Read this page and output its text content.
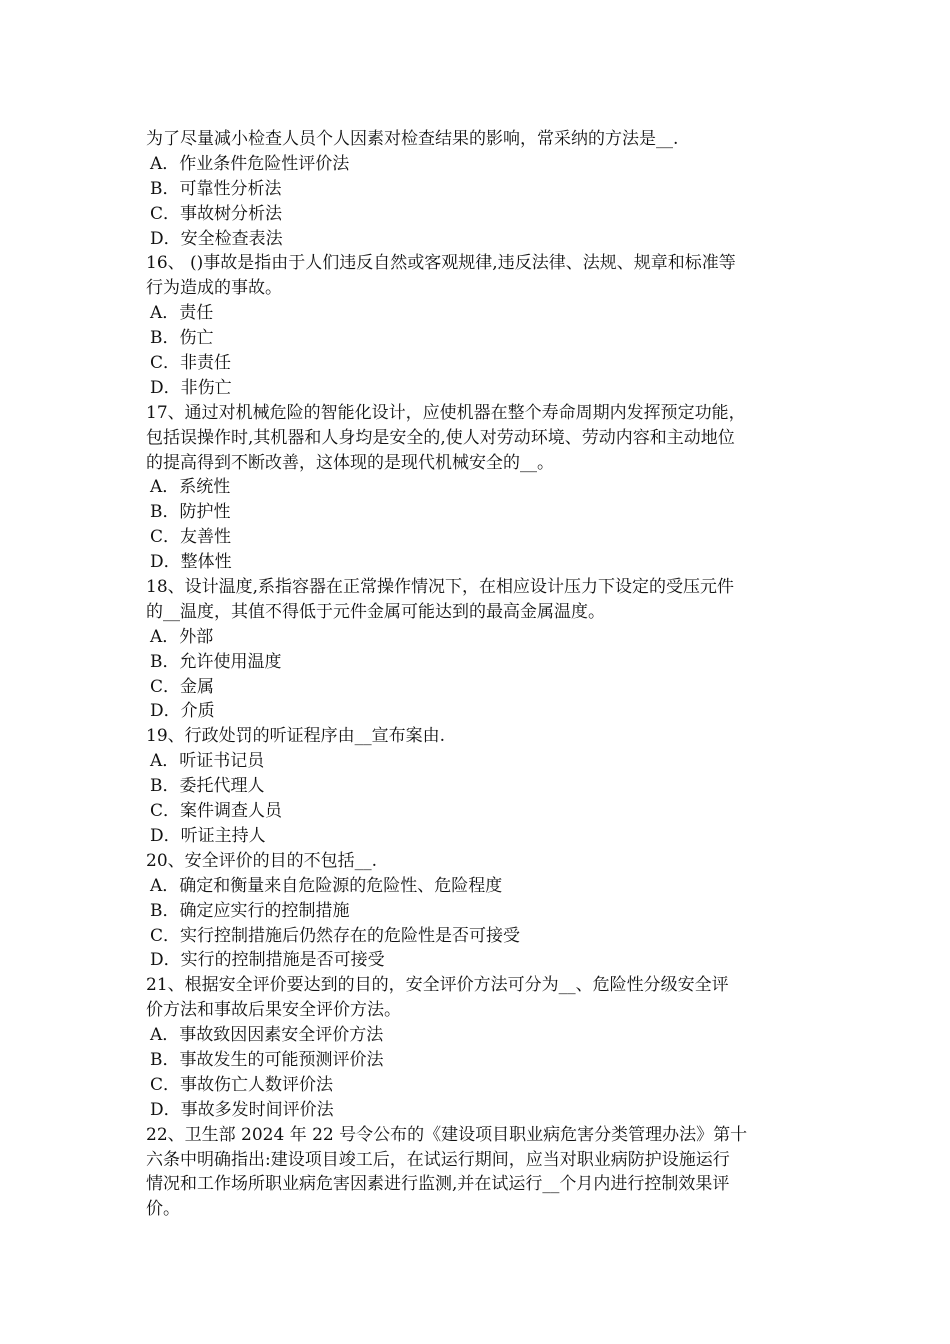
为了尽量减小检查人员个人因素对检查结果的影响，常采纳的方法是__.
A．作业条件危险性评价法
B．可靠性分析法
C．事故树分析法
D．安全检查表法
16、 ()事故是指由于人们违反自然或客观规律,违反法律、法规、规章和标准等
行为造成的事故。
A．责任
B．伤亡
C．非责任
D．非伤亡
17、通过对机械危险的智能化设计，应使机器在整个寿命周期内发挥预定功能，
包括误操作时,其机器和人身均是安全的,使人对劳动环境、劳动内容和主动地位
的提高得到不断改善，这体现的是现代机械安全的__。
A．系统性
B．防护性
C．友善性
D．整体性
18、设计温度,系指容器在正常操作情况下，在相应设计压力下设定的受压元件
的__温度，其值不得低于元件金属可能达到的最高金属温度。
A．外部
B．允许使用温度
C．金属
D．介质
19、行政处罚的听证程序由__宣布案由.
A．听证书记员
B．委托代理人
C．案件调查人员
D．听证主持人
20、安全评价的目的不包括__.
A．确定和衡量来自危险源的危险性、危险程度
B．确定应实行的控制措施
C．实行控制措施后仍然存在的危险性是否可接受
D．实行的控制措施是否可接受
21、根据安全评价要达到的目的，安全评价方法可分为__、危险性分级安全评
价方法和事故后果安全评价方法。
A．事故致因因素安全评价方法
B．事故发生的可能预测评价法
C．事故伤亡人数评价法
D．事故多发时间评价法
22、卫生部 2024 年 22 号令公布的《建设项目职业病危害分类管理办法》第十
六条中明确指出:建设项目竣工后，在试运行期间，应当对职业病防护设施运行
情况和工作场所职业病危害因素进行监测,并在试运行__个月内进行控制效果评
价。
